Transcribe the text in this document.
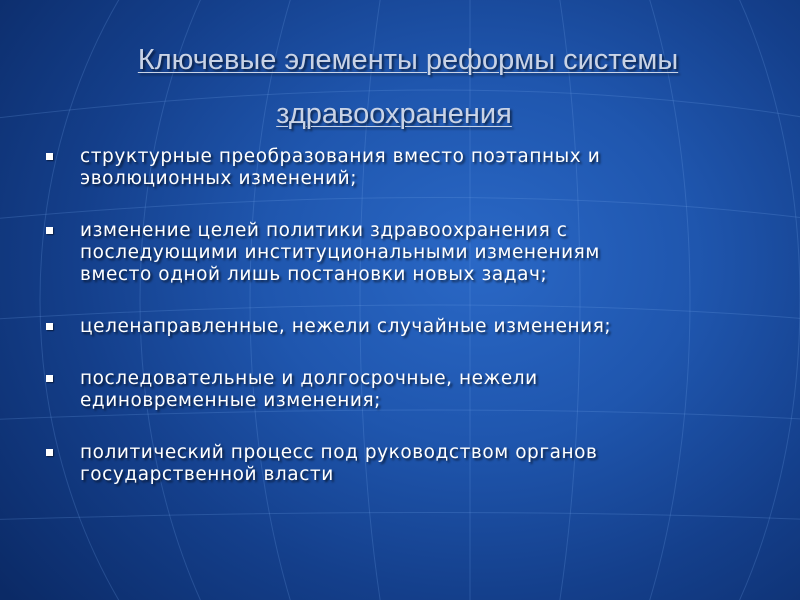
Ключевые элементы реформы системы
здравоохранения
структурные преобразования вместо поэтапных и
эволюционных изменений;
изменение целей политики здравоохранения с
последующими институциональными изменениям
вместо одной лишь постановки новых задач;
целенаправленные, нежели случайные изменения;
последовательные и долгосрочные, нежели
единовременные изменения;
политический процесс под руководством органов
государственной власти
